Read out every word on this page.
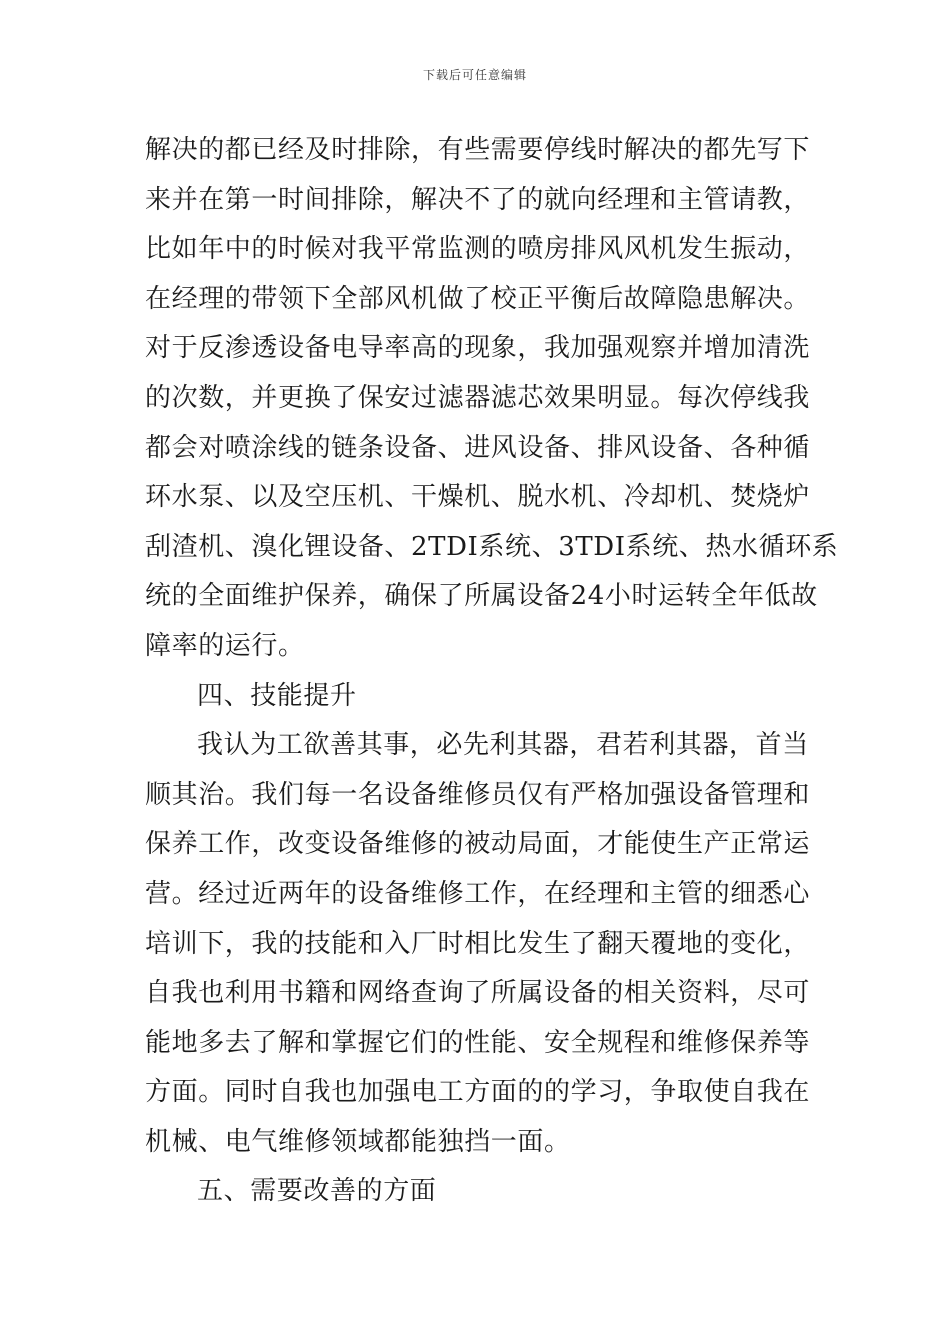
下载后可任意编辑
解决的都已经及时排除，有些需要停线时解决的都先写下
来并在第一时间排除，解决不了的就向经理和主管请教，
比如年中的时候对我平常监测的喷房排风风机发生振动，
在经理的带领下全部风机做了校正平衡后故障隐患解决。
对于反渗透设备电导率高的现象，我加强观察并增加清洗
的次数，并更换了保安过滤器滤芯效果明显。每次停线我
都会对喷涂线的链条设备、进风设备、排风设备、各种循
环水泵、以及空压机、干燥机、脱水机、冷却机、焚烧炉
刮渣机、溴化锂设备、2TDI系统、3TDI系统、热水循环系
统的全面维护保养，确保了所属设备24小时运转全年低故
障率的运行。
四、技能提升
我认为工欲善其事，必先利其器，君若利其器，首当
顺其治。我们每一名设备维修员仅有严格加强设备管理和
保养工作，改变设备维修的被动局面，才能使生产正常运
营。经过近两年的设备维修工作，在经理和主管的细悉心
培训下，我的技能和入厂时相比发生了翻天覆地的变化，
自我也利用书籍和网络查询了所属设备的相关资料，尽可
能地多去了解和掌握它们的性能、安全规程和维修保养等
方面。同时自我也加强电工方面的的学习，争取使自我在
机械、电气维修领域都能独挡一面。
五、需要改善的方面
